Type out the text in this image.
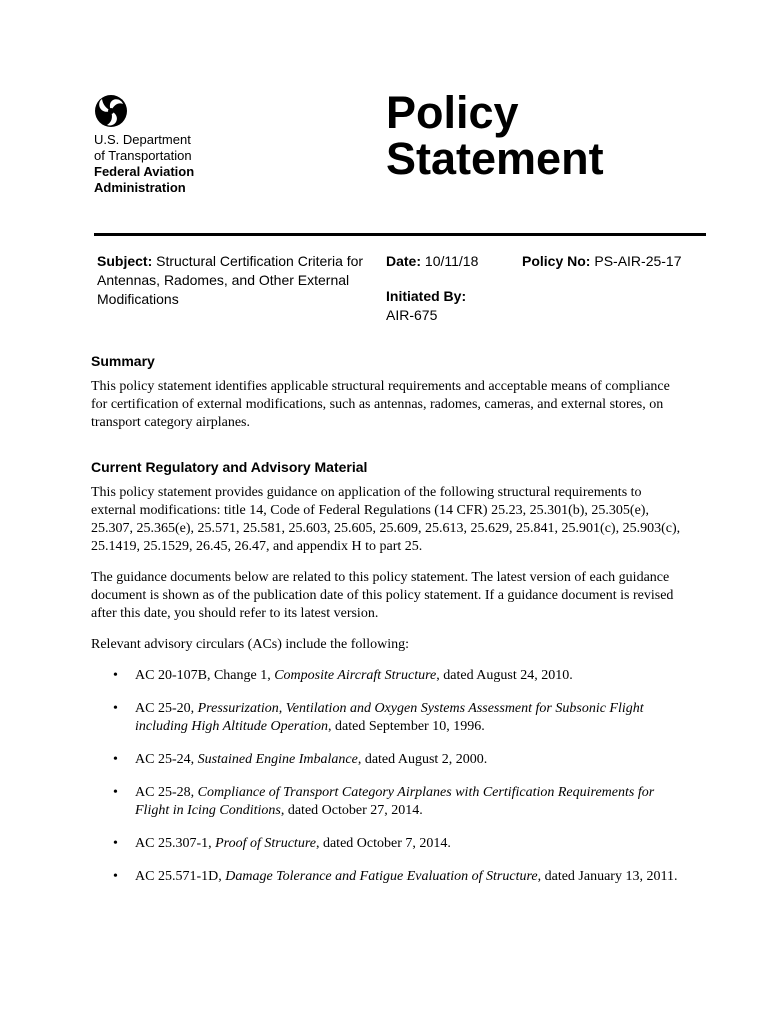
U.S. Department
of Transportation
Federal Aviation
Administration
Policy
Statement
Subject: Structural Certification Criteria for Antennas, Radomes, and Other External Modifications
Date: 10/11/18	Policy No: PS-AIR-25-17
Initiated By:
AIR-675
Summary

This policy statement identifies applicable structural requirements and acceptable means of compliance for certification of external modifications, such as antennas, radomes, cameras, and external stores, on transport category airplanes.

Current Regulatory and Advisory Material

This policy statement provides guidance on application of the following structural requirements to external modifications: title 14, Code of Federal Regulations (14 CFR) 25.23, 25.301(b), 25.305(e), 25.307, 25.365(e), 25.571, 25.581, 25.603, 25.605, 25.609, 25.613, 25.629, 25.841, 25.901(c), 25.903(c), 25.1419, 25.1529, 26.45, 26.47, and appendix H to part 25.

The guidance documents below are related to this policy statement. The latest version of each guidance document is shown as of the publication date of this policy statement. If a guidance document is revised after this date, you should refer to its latest version.

Relevant advisory circulars (ACs) include the following:

• AC 20-107B, Change 1, Composite Aircraft Structure, dated August 24, 2010.
• AC 25-20, Pressurization, Ventilation and Oxygen Systems Assessment for Subsonic Flight including High Altitude Operation, dated September 10, 1996.
• AC 25-24, Sustained Engine Imbalance, dated August 2, 2000.
• AC 25-28, Compliance of Transport Category Airplanes with Certification Requirements for Flight in Icing Conditions, dated October 27, 2014.
• AC 25.307-1, Proof of Structure, dated October 7, 2014.
• AC 25.571-1D, Damage Tolerance and Fatigue Evaluation of Structure, dated January 13, 2011.
